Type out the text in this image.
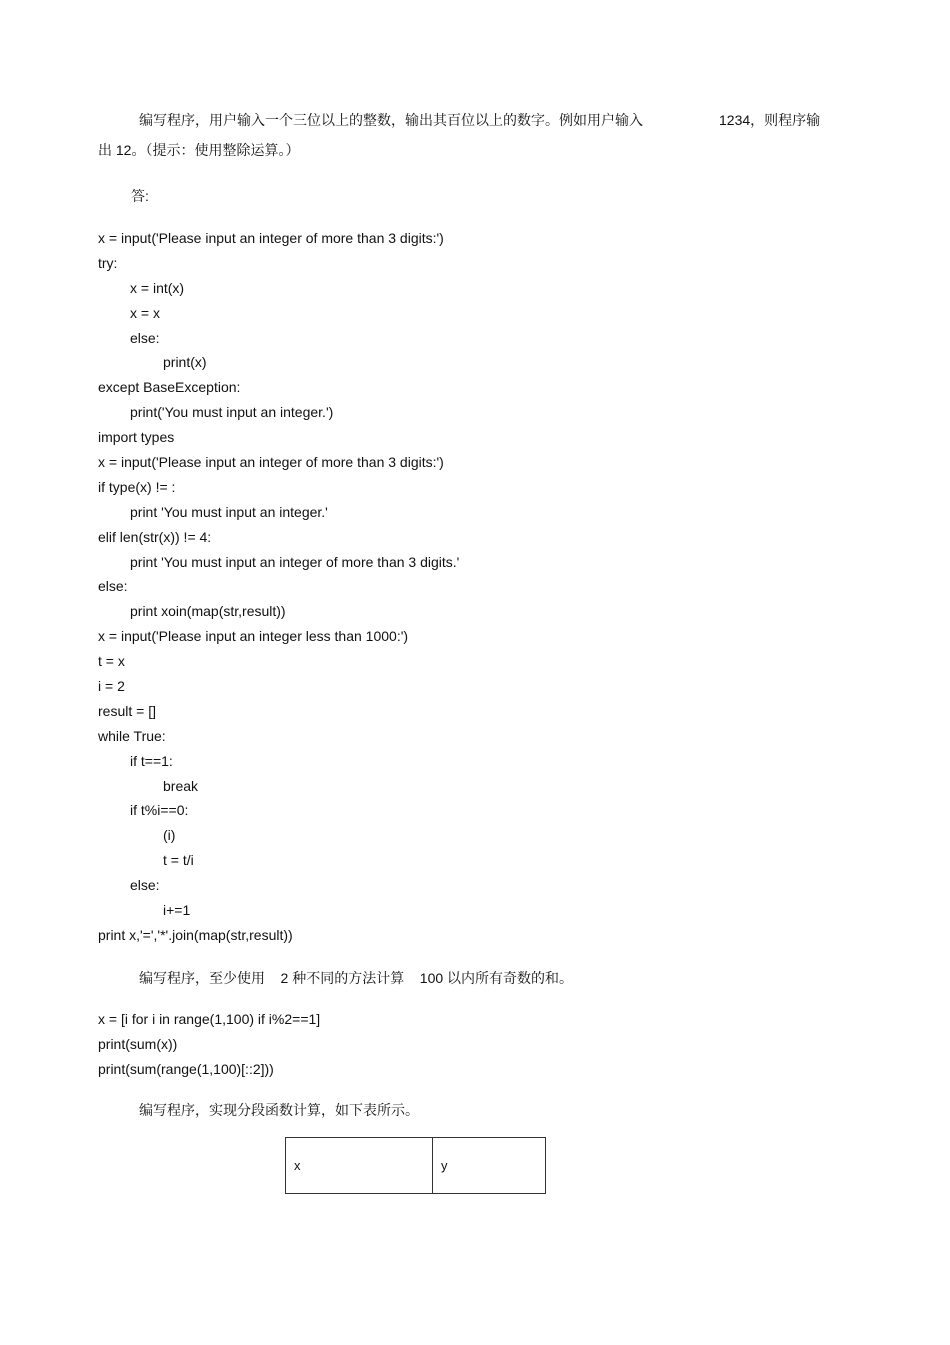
编写程序，用户输入一个三位以上的整数，输出其百位以上的数字。例如用户输入	1234，则程序输
出 12。（提示：使用整除运算。）
答:
x = input('Please input an integer of more than 3 digits:')
try:
x = int(x)
x = x
else:
print(x)
except BaseException:
print('You must input an integer.')
import types
x = input('Please input an integer of more than 3 digits:')
if type(x) != :
print 'You must input an integer.'
elif len(str(x)) != 4:
print 'You must input an integer of more than 3 digits.'
else:
print xoin(map(str,result))
x = input('Please input an integer less than 1000:')
t = x
i = 2
result = []
while True:
if t==1:
break
if t%i==0:
(i)
t = t/i
else:
i+=1
print x,'=','*'.join(map(str,result))
编写程序，至少使用    2 种不同的方法计算    100 以内所有奇数的和。
x = [i for i in range(1,100) if i%2==1]
print(sum(x))
print(sum(range(1,100)[::2]))
编写程序，实现分段函数计算，如下表所示。
x	y
